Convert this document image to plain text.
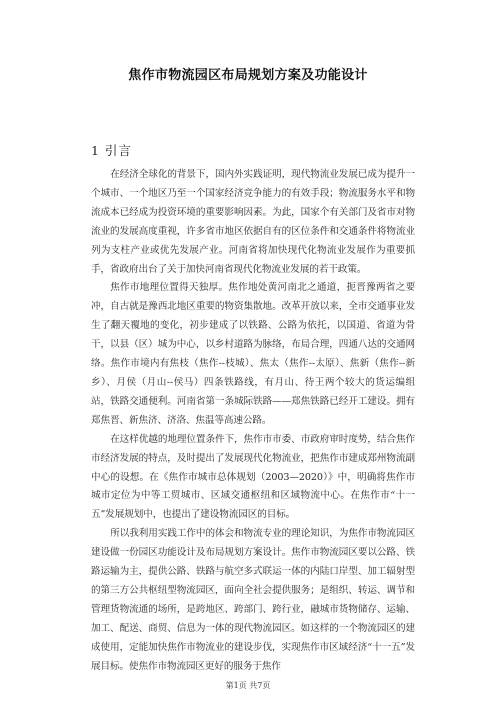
焦作市物流园区布局规划方案及功能设计
1 引言

在经济全球化的背景下，国内外实践证明，现代物流业发展已成为提升一个城市、一个地区乃至一个国家经济竞争能力的有效手段；物流服务水平和物流成本已经成为投资环境的重要影响因素。为此，国家个有关部门及省市对物流业的发展高度重视，许多省市地区依据自有的区位条件和交通条件将物流业列为支柱产业或优先发展产业。河南省将加快现代化物流业发展作为重要抓手，省政府出台了关于加快河南省现代化物流业发展的若干政策。

焦作市地理位置得天独厚。焦作地处黄河南北之通道，扼晋豫两省之要冲，自古就是豫西北地区重要的物资集散地。改革开放以来，全市交通事业发生了翻天覆地的变化，初步建成了以铁路、公路为依托，以国道、省道为骨干，以县（区）城为中心，以乡村道路为脉络，布局合理，四通八达的交通网络。焦作市境内有焦枝（焦作--枝城）、焦太（焦作--太原）、焦新（焦作--新乡）、月侯（月山--侯马）四条铁路线，有月山、待王两个较大的货运编组站，铁路交通便利。河南省第一条城际铁路——郑焦铁路已经开工建设。拥有郑焦晋、新焦济、济洛、焦温等高速公路。

在这样优越的地理位置条件下，焦作市市委、市政府审时度势，结合焦作市经济发展的特点，及时提出了发展现代化物流业，把焦作市建成郑州物流副中心的设想。在《焦作市城市总体规划（2003—2020）》中，明确将焦作市城市定位为中等工贸城市、区域交通枢纽和区域物流中心。在焦作市“十一五”发展规划中，也提出了建设物流园区的目标。

所以我利用实践工作中的体会和物流专业的理论知识，为焦作市物流园区建设做一份园区功能设计及布局规划方案设计。焦作市物流园区要以公路、铁路运输为主，提供公路、铁路与航空多式联运一体的内陆口岸型、加工辐射型的第三方公共枢纽型物流园区，面向全社会提供服务；是组织、转运、调节和管理货物流通的场所，是跨地区、跨部门、跨行业，融城市货物储存、运输、加工、配送、商贸、信息为一体的现代物流园区。如这样的一个物流园区的建成使用，定能加快焦作市物流业的建设步伐，实现焦作市区域经济“十一五”发展目标。使焦作市物流园区更好的服务于焦作

第1页 共7页
